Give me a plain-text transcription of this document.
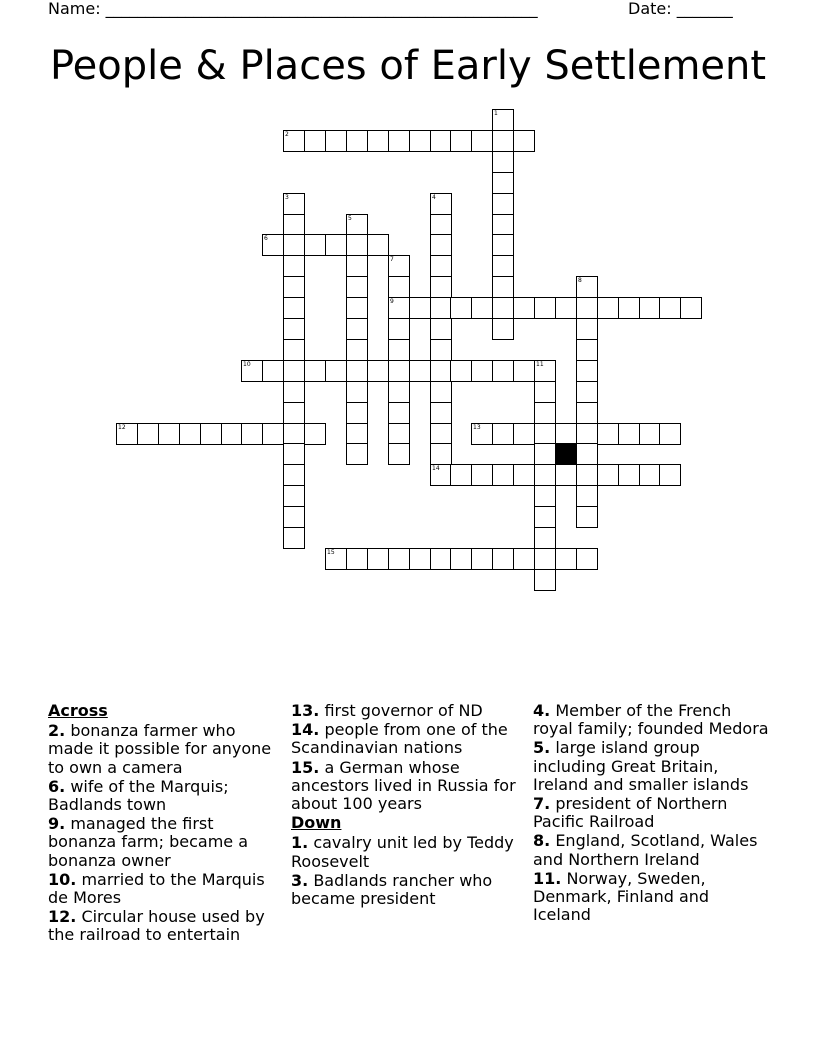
Name: ______________________________________________________	Date: _______
People & Places of Early Settlement
2
1
3	4
5
6
7
9
8
10	11
12	13
14
15
Across
2. bonanza farmer who made it possible for anyone to own a camera
6. wife of the Marquis; Badlands town
9. managed the first bonanza farm; became a bonanza owner
10. married to the Marquis de Mores
12. Circular house used by the railroad to entertain
13. first governor of ND
14. people from one of the Scandinavian nations
15. a German whose ancestors lived in Russia for about 100 years
Down
1. cavalry unit led by Teddy Roosevelt
3. Badlands rancher who became president
4. Member of the French royal family; founded Medora
5. large island group including Great Britain, Ireland and smaller islands
7. president of Northern Pacific Railroad
8. England, Scotland, Wales and Northern Ireland
11. Norway, Sweden, Denmark, Finland and Iceland
